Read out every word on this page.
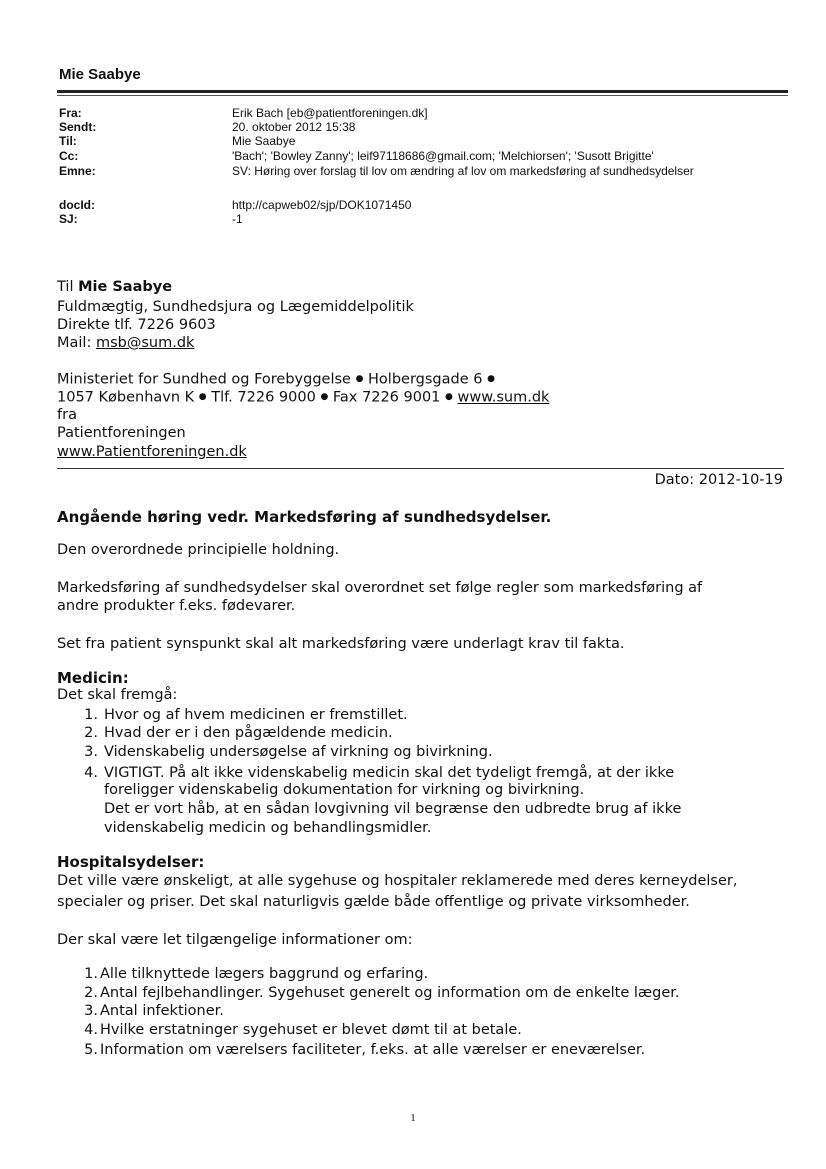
Mie Saabye
Fra:	Erik Bach [eb@patientforeningen.dk]
Sendt:	20. oktober 2012 15:38
Til:	Mie Saabye
Cc:	'Bach'; 'Bowley Zanny'; leif97118686@gmail.com; 'Melchiorsen'; 'Susott Brigitte'
Emne:	SV: Høring over forslag til lov om ændring af lov om markedsføring af sundhedsydelser
docId:	http://capweb02/sjp/DOK1071450
SJ:	-1
Til Mie Saabye
Fuldmægtig, Sundhedsjura og Lægemiddelpolitik
Direkte tlf. 7226 9603
Mail: msb@sum.dk
Ministeriet for Sundhed og Forebyggelse ● Holbergsgade 6 ●
1057 København K ● Tlf. 7226 9000 ● Fax 7226 9001 ● www.sum.dk
fra
Patientforeningen
www.Patientforeningen.dk
Dato: 2012-10-19
Angående høring vedr. Markedsføring af sundhedsydelser.
Den overordnede principielle holdning.
Markedsføring af sundhedsydelser skal overordnet set følge regler som markedsføring af
andre produkter f.eks. fødevarer.
Set fra patient synspunkt skal alt markedsføring være underlagt krav til fakta.
Medicin:
Det skal fremgå:
1. Hvor og af hvem medicinen er fremstillet.
2. Hvad der er i den pågældende medicin.
3. Videnskabelig undersøgelse af virkning og bivirkning.
4. VIGTIGT. På alt ikke videnskabelig medicin skal det tydeligt fremgå, at der ikke
foreligger videnskabelig dokumentation for virkning og bivirkning.
Det er vort håb, at en sådan lovgivning vil begrænse den udbredte brug af ikke
videnskabelig medicin og behandlingsmidler.
Hospitalsydelser:
Det ville være ønskeligt, at alle sygehuse og hospitaler reklamerede med deres kerneydelser,
specialer og priser. Det skal naturligvis gælde både offentlige og private virksomheder.
Der skal være let tilgængelige informationer om:
1. Alle tilknyttede lægers baggrund og erfaring.
2. Antal fejlbehandlinger. Sygehuset generelt og information om de enkelte læger.
3. Antal infektioner.
4. Hvilke erstatninger sygehuset er blevet dømt til at betale.
5. Information om værelsers faciliteter, f.eks. at alle værelser er eneværelser.
1
